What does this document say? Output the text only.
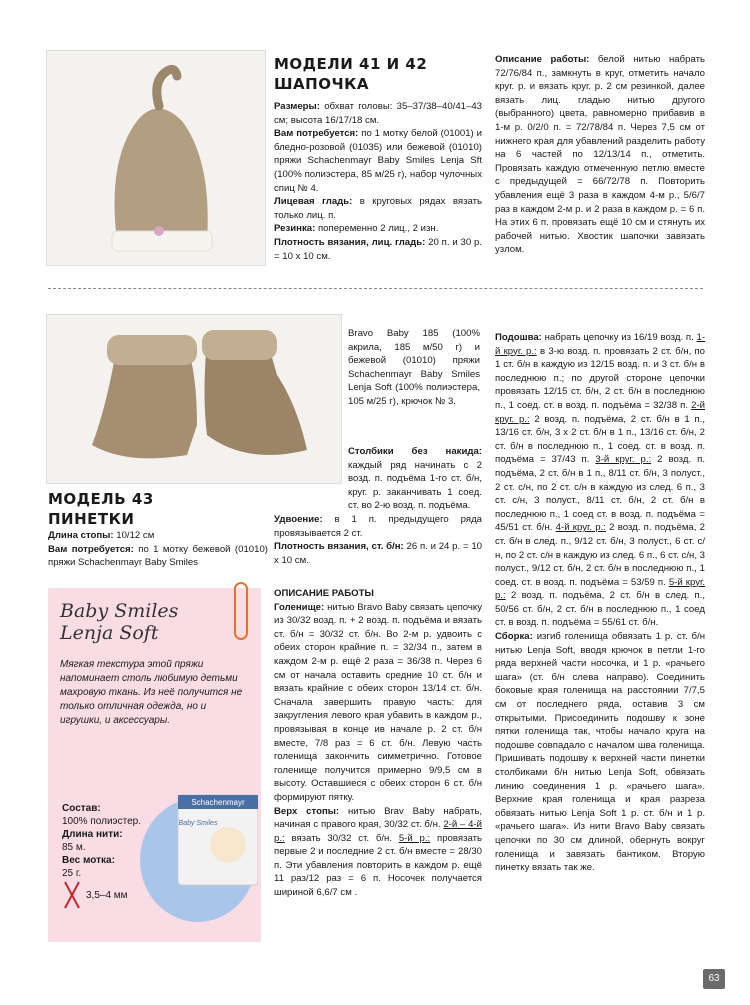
МОДЕЛИ 41 И 42
ШАПОЧКА
Размеры: обхват головы: 35–37/38–40/41–43 см; высота 16/17/18 см.
Вам потребуется: по 1 мотку белой (01001) и бледно-розовой (01035) или бежевой (01010) пряжи Schachenmayr Baby Smiles Lenja Sft (100% полиэстера, 85 м/25 г), набор чулочных спиц № 4.
Лицевая гладь: в круговых рядах вязать только лиц. п.
Резинка: попеременно 2 лиц., 2 изн.
Плотность вязания, лиц. гладь: 20 п. и 30 р. = 10 х 10 см.
Описание работы: белой нитью набрать 72/76/84 п., замкнуть в круг, отметить начало круг. р. и вязать круг. р. 2 см резинкой, далее вязать лиц. гладью нитью другого (выбранного) цвета, равномерно прибавив в 1-м р. 0/2/0 п. = 72/78/84 п. Через 7,5 см от нижнего края для убавлений разделить работу на 6 частей по 12/13/14 п., отметить. Провязать каждую отмеченную петлю вместе с предыдущей = 66/72/78 п. Повторить убавления ещё 3 раза в каждом 4-м р., 5/6/7 раз в каждом 2-м р. и 2 раза в каждом р. = 6 п. На этих 6 п. провязать ещё 10 см и стянуть их рабочей нитью. Хвостик шапочки завязать узлом.
МОДЕЛЬ 43
ПИНЕТКИ
Длина стопы: 10/12 см
Вам потребуется: по 1 мотку бежевой (01010) пряжи Schachenmayr Baby Smiles
Bravo Baby 185 (100% акрила, 185 м/50 г) и бежевой (01010) пряжи Schachenmayr Baby Smiles Lenja Soft (100% полиэстера, 105 м/25 г), крючок № 3.
Столбики без накида: каждый ряд начинать с 2 возд. п. подъёма 1-го ст. б/н, круг. р. заканчивать 1 соед. ст. во 2-ю возд. п. подъёма.
Удвоение: в 1 п. предыдущего ряда провязывается 2 ст.
Плотность вязания, ст. б/н: 26 п. и 24 р. = 10 х 10 см.
ОПИСАНИЕ РАБОТЫ
Голенище: нитью Bravo Baby связать цепочку из 30/32 возд. п. + 2 возд. п. подъёма и вязать ст. б/н = 30/32 ст. б/н. Во 2-м р. удвоить с обеих сторон крайние п. = 32/34 п., затем в каждом 2-м р. ещё 2 раза = 36/38 п. Через 6 см от начала оставить средние 10 ст. б/н и вязать крайние с обеих сторон 13/14 ст. б/н. Сначала завершить правую часть: для закругления левого края убавить в каждом р., провязывая в конце ив начале р. 2 ст. б/н вместе, 7/8 раз = 6 ст. б/н. Левую часть голенища закончить симметрично. Готовое голенище получится примерно 9/9,5 см в высоту. Оставшиеся с обеих сторон 6 ст. б/н формируют пятку.
Верх стопы: нитью Brav Baby набрать, начиная с правого края, 30/32 ст. б/н. 2-й – 4-й р.: вязать 30/32 ст. б/н. 5-й р.: провязать первые 2 и последние 2 ст. б/н вместе = 28/30 п. Эти убавления повторить в каждом р. ещё 11 раз/12 раз = 6 п. Носочек получается шириной 6,6/7 см .
Подошва: набрать цепочку из 16/19 возд. п. 1-й круг. р.: в 3-ю возд. п. провязать 2 ст. б/н, по 1 ст. б/н в каждую из 12/15 возд. п. и 3 ст. б/н в последнюю п.; по другой стороне цепочки провязать 12/15 ст. б/н, 2 ст. б/н в последнюю п., 1 соед. ст. в возд. п. подъёма = 32/38 п. 2-й круг. р.: 2 возд. п. подъёма, 2 ст. б/н в 1 п., 13/16 ст. б/н, 3 х 2 ст. б/н в 1 п., 13/16 ст. б/н, 2 ст. б/н в последнюю п., 1 соед. ст. в возд. п. подъёма = 37/43 п. 3-й круг. р.: 2 возд. п. подъёма, 2 ст. б/н в 1 п., 8/11 ст. б/н, 3 полуст., 2 ст. с/н, по 2 ст. с/н в каждую из след. 6 п., 3 ст. с/н, 3 полуст., 8/11 ст. б/н, 2 ст. б/н в последнюю п., 1 соед ст. в возд. п. подъёма = 45/51 ст. б/н. 4-й круг. р.: 2 возд. п. подъёма, 2 ст. б/н в след. п., 9/12 ст. б/н, 3 полуст., 6 ст. с/н, по 2 ст. с/н в каждую из след. 6 п., 6 ст. с/н, 3 полуст., 9/12 ст. б/н, 2 ст. б/н в последнюю п., 1 соед. ст. в возд. п. подъёма = 53/59 п. 5-й круг. р.: 2 возд. п. подъёма, 2 ст. б/н в след. п., 50/56 ст. б/н, 2 ст. б/н в последнюю п., 1 соед ст. в возд. п. подъёма = 55/61 ст. б/н.
Сборка: изгиб голенища обвязать 1 р. ст. б/н нитью Lenja Soft, вводя крючок в петли 1-го ряда верхней части носочка, и 1 р. «рачьего шага» (ст. б/н слева направо). Соединить боковые края голенища на расстоянии 7/7,5 см от последнего ряда, оставив 3 см открытыми. Присоединить подошву к зоне пятки голенища так, чтобы начало круга на подошве совпадало с началом шва голенища. Пришивать подошву к верхней части пинетки столбиками б/н нитью Lenja Soft, обвязать линию соединения 1 р. «рачьего шага». Верхние края голенища и края разреза обвязать нитью Lenja Soft 1 р. ст. б/н и 1 р. «рачьего шага». Из нити Bravo Baby связать цепочки по 30 см длиной, обернуть вокруг голенища и завязать бантиком. Вторую пинетку вязать так же.
Baby Smiles
Lenja Soft
Мягкая текстура этой пряжи напоминает столь любимую детьми махровую ткань. Из неё получится не только отличная одежда, но и игрушки, и аксессуары.
Schachenmayr
Baby Smiles
Состав:
100% полиэстер.
Длина нити:
85 м.
Вес мотка:
25 г.
3,5–4 мм
63
